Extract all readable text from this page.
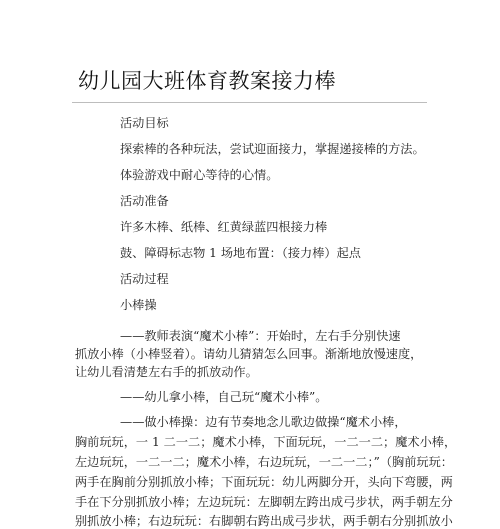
幼儿园大班体育教案接力棒
活动目标
探索棒的各种玩法，尝试迎面接力，掌握递接棒的方法。
体验游戏中耐心等待的心情。
活动准备
许多木棒、纸棒、红黄绿蓝四根接力棒
鼓、障碍标志物 1 场地布置：（接力棒）起点
活动过程
小棒操
——教师表演“魔术小棒”：开始时，左右手分别快速
抓放小棒（小棒竖着）。请幼儿猜猜怎么回事。渐渐地放慢速度，
让幼儿看清楚左右手的抓放动作。
——幼儿拿小棒，自己玩“魔术小棒”。
——做小棒操：边有节奏地念儿歌边做操“魔术小棒，
胸前玩玩，一 1 二一二；魔术小棒，下面玩玩，一二一二；魔术小棒，
左边玩玩，一二一二；魔术小棒，右边玩玩，一二一二；”（胸前玩玩：
两手在胸前分别抓放小棒；下面玩玩：幼儿两脚分开，头向下弯腰，两
手在下分别抓放小棒；左边玩玩：左脚朝左跨出成弓步状，两手朝左分
别抓放小棒；右边玩玩：右脚朝右跨出成弓步状，两手朝右分别抓放小
